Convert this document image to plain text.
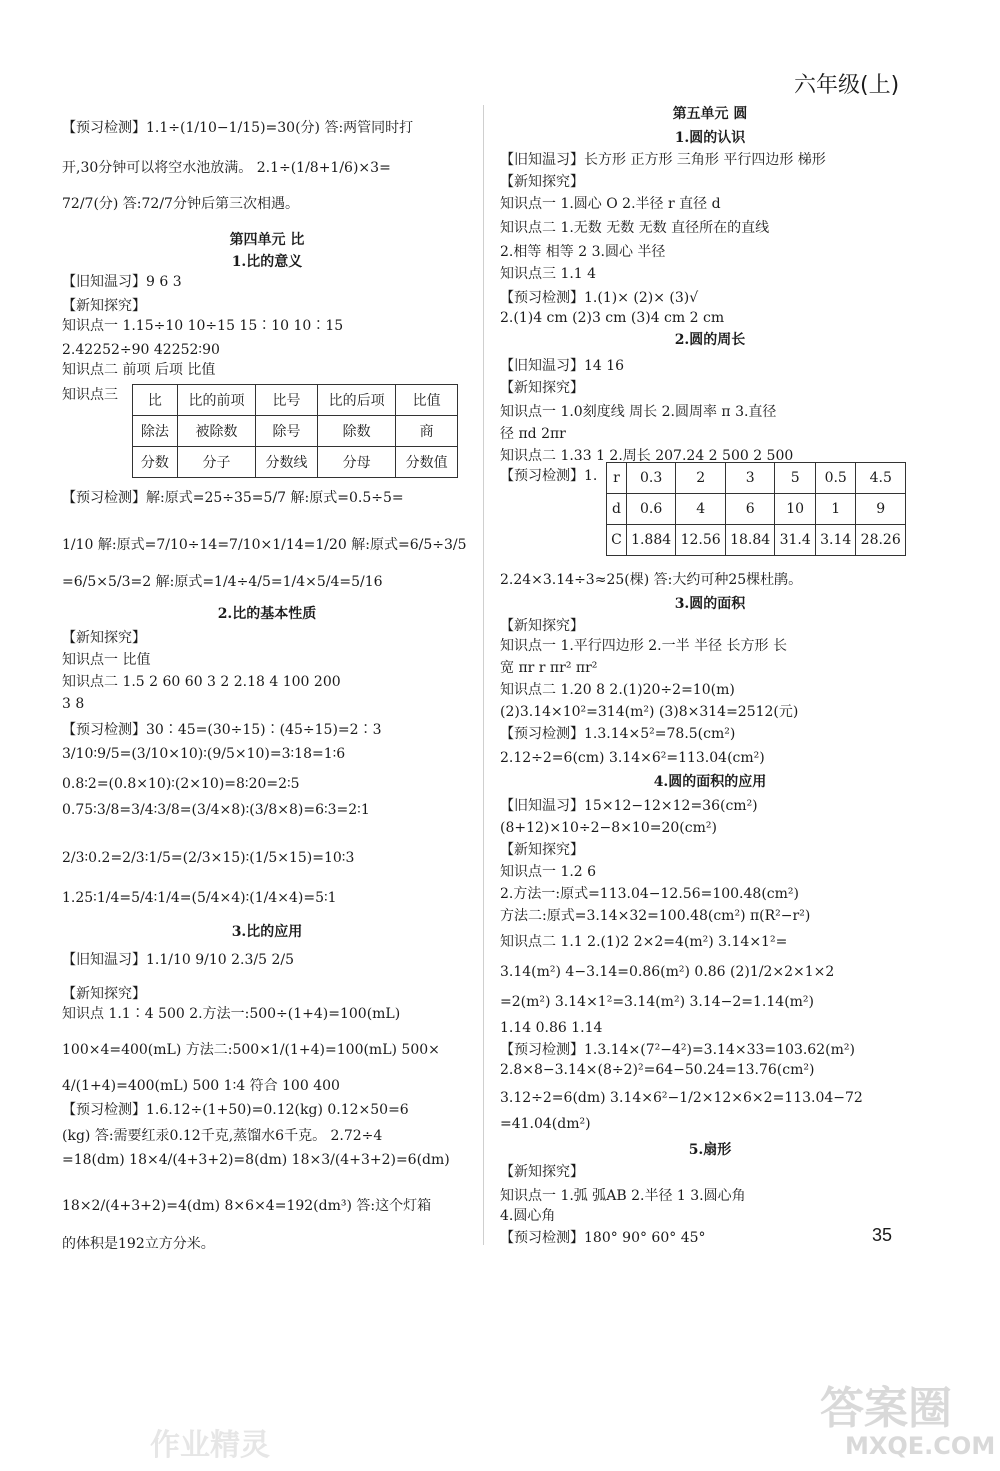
六年级(上)
【预习检测】1.1÷(1/10−1/15)=30(分) 答:两管同时打
开,30分钟可以将空水池放满。 2.1÷(1/8+1/6)×3=
72/7(分) 答:72/7分钟后第三次相遇。
第四单元 比
1.比的意义
【旧知温习】9 6 3
【新知探究】
知识点一 1.15÷10 10÷15 15∶10 10∶15
2.42252÷90 42252∶90
知识点二 前项 后项 比值
知识点三
【预习检测】解:原式=25÷35=5/7 解:原式=0.5÷5=
1/10 解:原式=7/10÷14=7/10×1/14=1/20 解:原式=6/5÷3/5
=6/5×5/3=2 解:原式=1/4÷4/5=1/4×5/4=5/16
2.比的基本性质
【新知探究】
知识点一 比值
知识点二 1.5 2 60 60 3 2 2.18 4 100 200
3 8
【预习检测】30∶45=(30÷15)∶(45÷15)=2∶3
3/10∶9/5=(3/10×10)∶(9/5×10)=3∶18=1∶6
0.8∶2=(0.8×10)∶(2×10)=8∶20=2∶5
0.75∶3/8=3/4∶3/8=(3/4×8)∶(3/8×8)=6∶3=2∶1
2/3∶0.2=2/3∶1/5=(2/3×15)∶(1/5×15)=10∶3
1.25∶1/4=5/4∶1/4=(5/4×4)∶(1/4×4)=5∶1
3.比的应用
【旧知温习】1.1/10 9/10 2.3/5 2/5
【新知探究】
知识点 1.1∶4 500 2.方法一:500÷(1+4)=100(mL)
100×4=400(mL) 方法二:500×1/(1+4)=100(mL) 500×
4/(1+4)=400(mL) 500 1∶4 符合 100 400
【预习检测】1.6.12÷(1+50)=0.12(kg) 0.12×50=6
(kg) 答:需要红汞0.12千克,蒸馏水6千克。 2.72÷4
=18(dm) 18×4/(4+3+2)=8(dm) 18×3/(4+3+2)=6(dm)
18×2/(4+3+2)=4(dm) 8×6×4=192(dm³) 答:这个灯箱
的体积是192立方分米。
比	比的前项	比号	比的后项	比值
除法	被除数	除号	除数	商
分数	分子	分数线	分母	分数值
第五单元 圆
1.圆的认识
【旧知温习】长方形 正方形 三角形 平行四边形 梯形
【新知探究】
知识点一 1.圆心 O 2.半径 r 直径 d
知识点二 1.无数 无数 无数 直径所在的直线
2.相等 相等 2 3.圆心 半径
知识点三 1.1 4
【预习检测】1.(1)× (2)× (3)√
2.(1)4 cm (2)3 cm (3)4 cm 2 cm
2.圆的周长
【旧知温习】14 16
【新知探究】
知识点一 1.0刻度线 周长 2.圆周率 π 3.直径
径 πd 2πr
知识点二 1.33 1 2.周长 207.24 2 500 2 500
【预习检测】1.
2.24×3.14÷3≈25(棵) 答:大约可种25棵杜鹃。
3.圆的面积
【新知探究】
知识点一 1.平行四边形 2.一半 半径 长方形 长
宽 πr r πr² πr²
知识点二 1.20 8 2.(1)20÷2=10(m)
(2)3.14×10²=314(m²) (3)8×314=2512(元)
【预习检测】1.3.14×5²=78.5(cm²)
2.12÷2=6(cm) 3.14×6²=113.04(cm²)
4.圆的面积的应用
【旧知温习】15×12−12×12=36(cm²)
(8+12)×10÷2−8×10=20(cm²)
【新知探究】
知识点一 1.2 6
2.方法一:原式=113.04−12.56=100.48(cm²)
方法二:原式=3.14×32=100.48(cm²) π(R²−r²)
知识点二 1.1 2.(1)2 2×2=4(m²) 3.14×1²=
3.14(m²) 4−3.14=0.86(m²) 0.86 (2)1/2×2×1×2
=2(m²) 3.14×1²=3.14(m²) 3.14−2=1.14(m²)
1.14 0.86 1.14
【预习检测】1.3.14×(7²−4²)=3.14×33=103.62(m²)
2.8×8−3.14×(8÷2)²=64−50.24=13.76(cm²)
3.12÷2=6(dm) 3.14×6²−1/2×12×6×2=113.04−72
=41.04(dm²)
5.扇形
【新知探究】
知识点一 1.弧 弧AB 2.半径 1 3.圆心角
4.圆心角
【预习检测】180° 90° 60° 45°
r	0.3	2	3	5	0.5	4.5
d	0.6	4	6	10	1	9
C	1.884	12.56	18.84	31.4	3.14	28.26
35
答案圈
MXQE.COM
作业精灵
